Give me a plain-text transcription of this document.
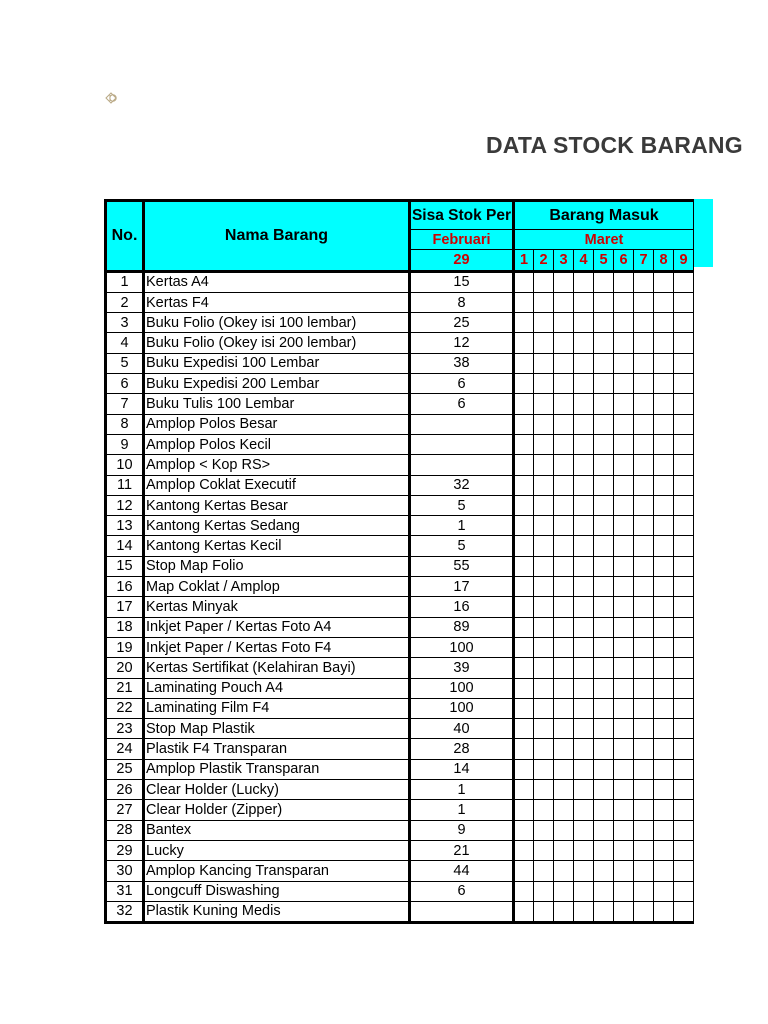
DATA STOCK BARANG
No.	Nama Barang	Sisa Stok Per	Barang Masuk								
		Februari	Maret								
		29	1	2	3	4	5	6	7	8	9
1	Kertas A4	15									
2	Kertas F4	8									
3	Buku Folio (Okey isi 100 lembar)	25									
4	Buku Folio (Okey isi 200 lembar)	12									
5	Buku Expedisi 100 Lembar	38									
6	Buku Expedisi 200 Lembar	6									
7	Buku Tulis 100 Lembar	6									
8	Amplop Polos Besar										
9	Amplop Polos Kecil										
10	Amplop < Kop RS>										
11	Amplop Coklat Executif	32									
12	Kantong Kertas Besar	5									
13	Kantong Kertas Sedang	1									
14	Kantong Kertas Kecil	5									
15	Stop Map Folio	55									
16	Map Coklat / Amplop	17									
17	Kertas Minyak	16									
18	Inkjet Paper / Kertas Foto A4	89									
19	Inkjet Paper / Kertas Foto F4	100									
20	Kertas Sertifikat (Kelahiran Bayi)	39									
21	Laminating Pouch A4	100									
22	Laminating Film F4	100									
23	Stop Map Plastik	40									
24	Plastik F4 Transparan	28									
25	Amplop Plastik Transparan	14									
26	Clear Holder (Lucky)	1									
27	Clear Holder (Zipper)	1									
28	Bantex	9									
29	Lucky	21									
30	Amplop Kancing Transparan	44									
31	Longcuff Diswashing	6									
32	Plastik Kuning Medis										
